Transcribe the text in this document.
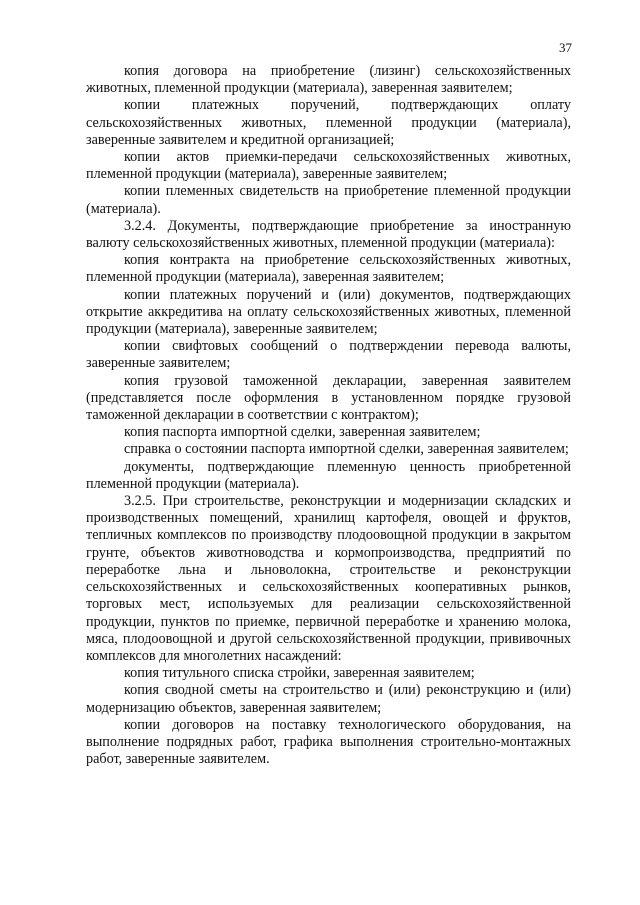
37

копия договора на приобретение (лизинг) сельскохозяйственных животных, племенной продукции (материала), заверенная заявителем;

копии платежных поручений, подтверждающих оплату сельскохозяйственных животных, племенной продукции (материала), заверенные заявителем и кредитной организацией;

копии актов приемки-передачи сельскохозяйственных животных, племенной продукции (материала), заверенные заявителем;

копии племенных свидетельств на приобретение племенной продукции (материала).

3.2.4. Документы, подтверждающие приобретение за иностранную валюту сельскохозяйственных животных, племенной продукции (материала):

копия контракта на приобретение сельскохозяйственных животных, племенной продукции (материала), заверенная заявителем;

копии платежных поручений и (или) документов, подтверждающих открытие аккредитива на оплату сельскохозяйственных животных, племенной продукции (материала), заверенные заявителем;

копии свифтовых сообщений о подтверждении перевода валюты, заверенные заявителем;

копия грузовой таможенной декларации, заверенная заявителем (представляется после оформления в установленном порядке грузовой таможенной декларации в соответствии с контрактом);

копия паспорта импортной сделки, заверенная заявителем;

справка о состоянии паспорта импортной сделки, заверенная заявителем;

документы, подтверждающие племенную ценность приобретенной племенной продукции (материала).

3.2.5. При строительстве, реконструкции и модернизации складских и производственных помещений, хранилищ картофеля, овощей и фруктов, тепличных комплексов по производству плодоовощной продукции в закрытом грунте, объектов животноводства и кормопроизводства, предприятий по переработке льна и льноволокна, строительстве и реконструкции сельскохозяйственных и сельскохозяйственных кооперативных рынков, торговых мест, используемых для реализации сельскохозяйственной продукции, пунктов по приемке, первичной переработке и хранению молока, мяса, плодоовощной и другой сельскохозяйственной продукции, прививочных комплексов для многолетних насаждений:

копия титульного списка стройки, заверенная заявителем;

копия сводной сметы на строительство и (или) реконструкцию и (или) модернизацию объектов, заверенная заявителем;

копии договоров на поставку технологического оборудования, на выполнение подрядных работ, графика выполнения строительно-монтажных работ, заверенные заявителем.
